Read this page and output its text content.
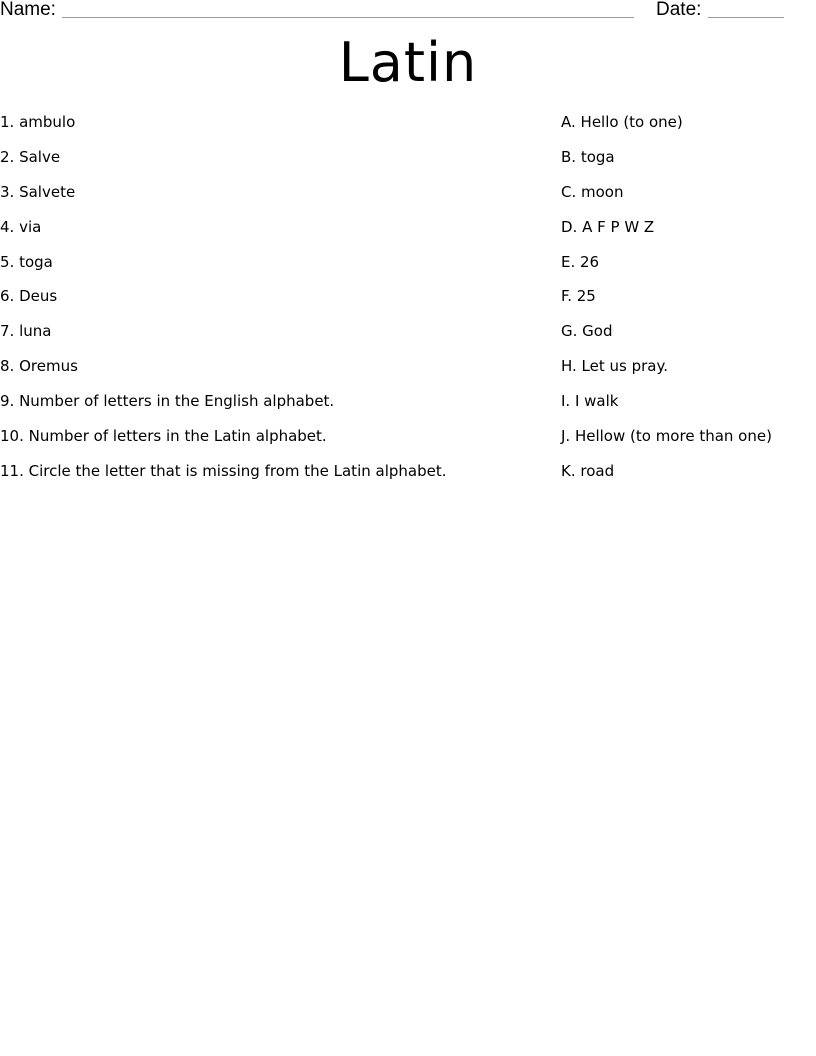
Name:	Date:
Latin
1. ambulo
2. Salve
3. Salvete
4. via
5. toga
6. Deus
7. luna
8. Oremus
9. Number of letters in the English alphabet.
10. Number of letters in the Latin alphabet.
11. Circle the letter that is missing from the Latin alphabet.
A. Hello (to one)
B. toga
C. moon
D. A F P W Z
E. 26
F. 25
G. God
H. Let us pray.
I. I walk
J. Hellow (to more than one)
K. road
